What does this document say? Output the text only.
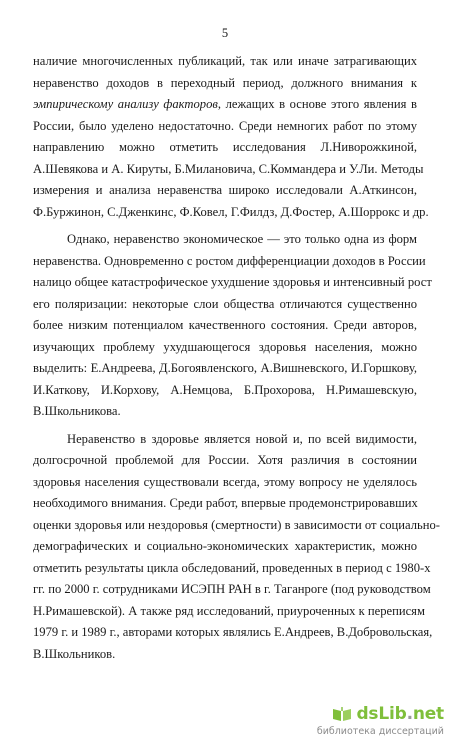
5
наличие многочисленных публикаций, так или иначе затрагивающих
неравенство доходов в переходный период, должного внимания к
эмпирическому анализу факторов, лежащих в основе этого явления в
России, было уделено недостаточно. Среди немногих работ по этому
направлению можно отметить исследования Л.Ниворожкиной,
А.Шевякова и А. Кируты, Б.Милановича, С.Коммандера и У.Ли. Методы
измерения и анализа неравенства широко исследовали А.Аткинсон,
Ф.Буржинон, С.Дженкинс, Ф.Ковел, Г.Филдз, Д.Фостер, А.Шоррокс и др.
Однако, неравенство экономическое — это только одна из форм
неравенства. Одновременно с ростом дифференциации доходов в России
налицо общее катастрофическое ухудшение здоровья и интенсивный рост
его поляризации: некоторые слои общества отличаются существенно
более низким потенциалом качественного состояния. Среди авторов,
изучающих проблему ухудшающегося здоровья населения, можно
выделить: Е.Андреева, Д.Богоявленского, А.Вишневского, И.Горшкову,
И.Каткову, И.Корхову, А.Немцова, Б.Прохорова, Н.Римашевскую,
В.Школьникова.
Неравенство в здоровье является новой и, по всей видимости,
долгосрочной проблемой для России. Хотя различия в состоянии
здоровья населения существовали всегда, этому вопросу не уделялось
необходимого внимания. Среди работ, впервые продемонстрировавших
оценки здоровья или нездоровья (смертности) в зависимости от социально-
демографических и социально-экономических характеристик, можно
отметить результаты цикла обследований, проведенных в период с 1980-х
гг. по 2000 г. сотрудниками ИСЭПН РАН в г. Таганроге (под руководством
Н.Римашевской). А также ряд исследований, приуроченных к переписям
1979 г. и 1989 г., авторами которых являлись Е.Андреев, В.Добровольская,
В.Школьников.
dsLib.net
библиотека диссертаций
